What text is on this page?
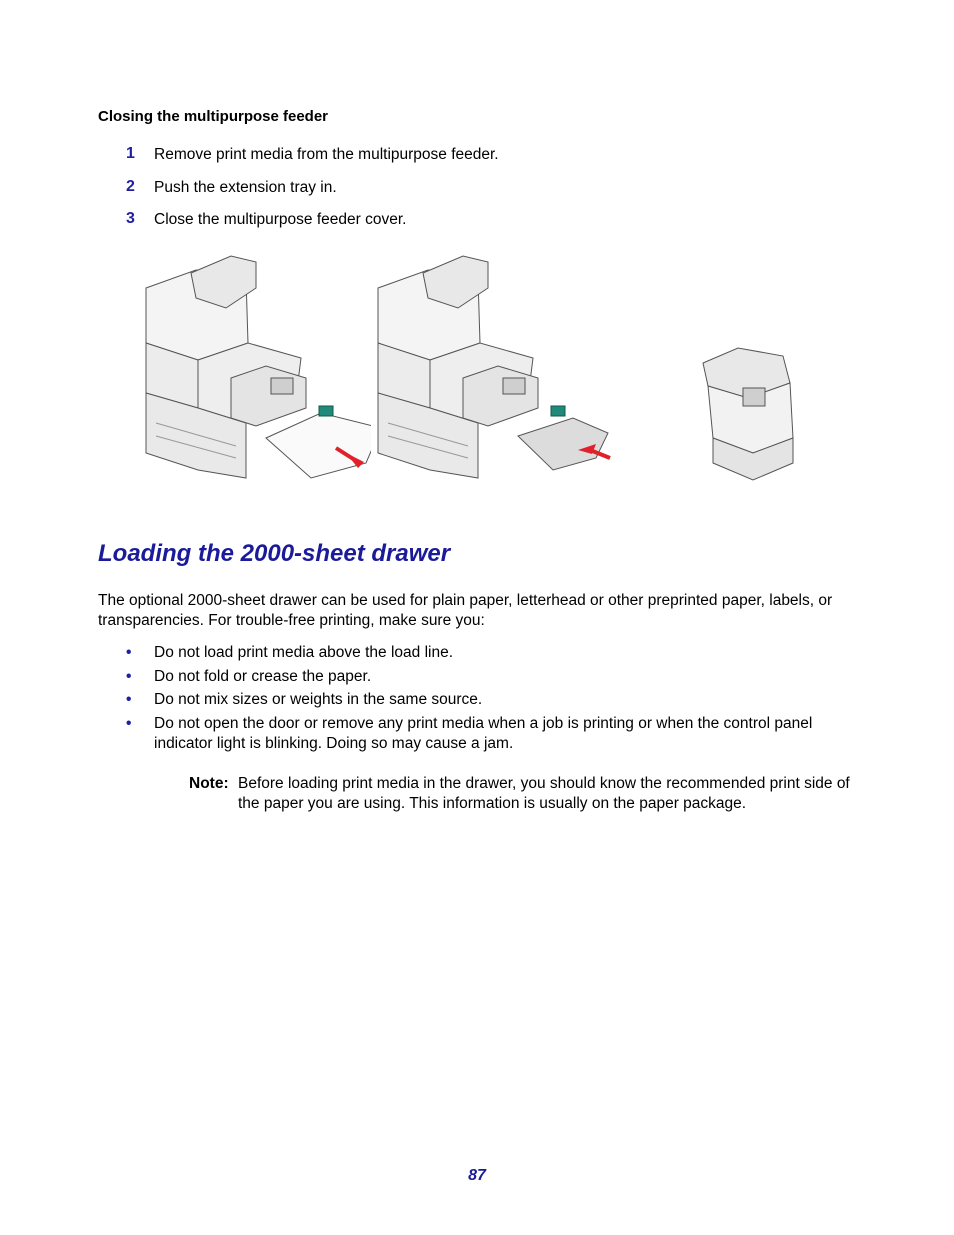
Closing the multipurpose feeder
1 Remove print media from the multipurpose feeder.
2 Push the extension tray in.
3 Close the multipurpose feeder cover.
Loading the 2000-sheet drawer
The optional 2000-sheet drawer can be used for plain paper, letterhead or other preprinted paper, labels, or transparencies. For trouble-free printing, make sure you:
• Do not load print media above the load line.
• Do not fold or crease the paper.
• Do not mix sizes or weights in the same source.
• Do not open the door or remove any print media when a job is printing or when the control panel indicator light is blinking. Doing so may cause a jam.
Note: Before loading print media in the drawer, you should know the recommended print side of the paper you are using. This information is usually on the paper package.
87
